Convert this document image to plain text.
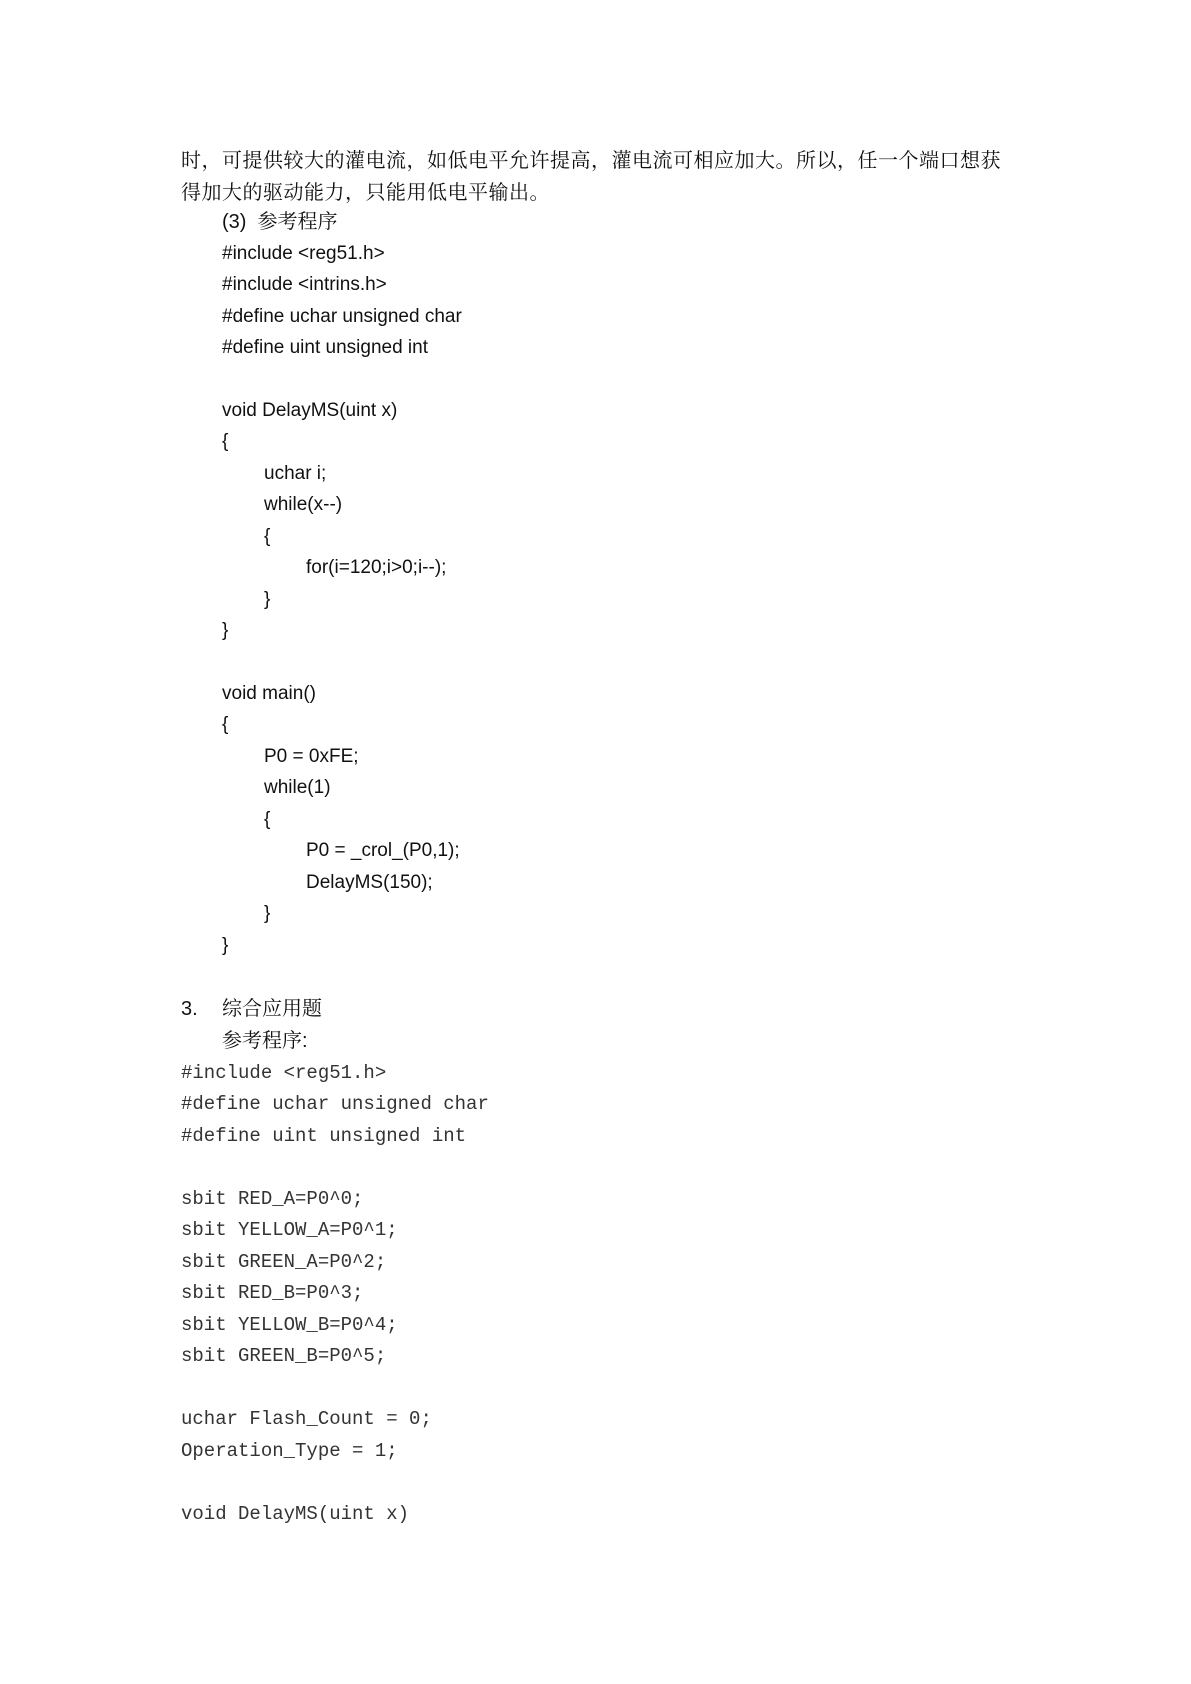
时，可提供较大的灌电流，如低电平允许提高，灌电流可相应加大。所以，任一个端口想获
得加大的驱动能力，只能用低电平输出。
(3)  参考程序
#include <reg51.h>
#include <intrins.h>
#define uchar unsigned char
#define uint unsigned int
void DelayMS(uint x)
{
uchar i;
while(x--)
{
for(i=120;i>0;i--);
}
}
void main()
{
P0 = 0xFE;
while(1)
{
P0 = _crol_(P0,1);
DelayMS(150);
}
}
3. 综合应用题
参考程序:
#include <reg51.h>
#define uchar unsigned char
#define uint unsigned int
sbit RED_A=P0^0;
sbit YELLOW_A=P0^1;
sbit GREEN_A=P0^2;
sbit RED_B=P0^3;
sbit YELLOW_B=P0^4;
sbit GREEN_B=P0^5;
uchar Flash_Count = 0;
Operation_Type = 1;
void DelayMS(uint x)
